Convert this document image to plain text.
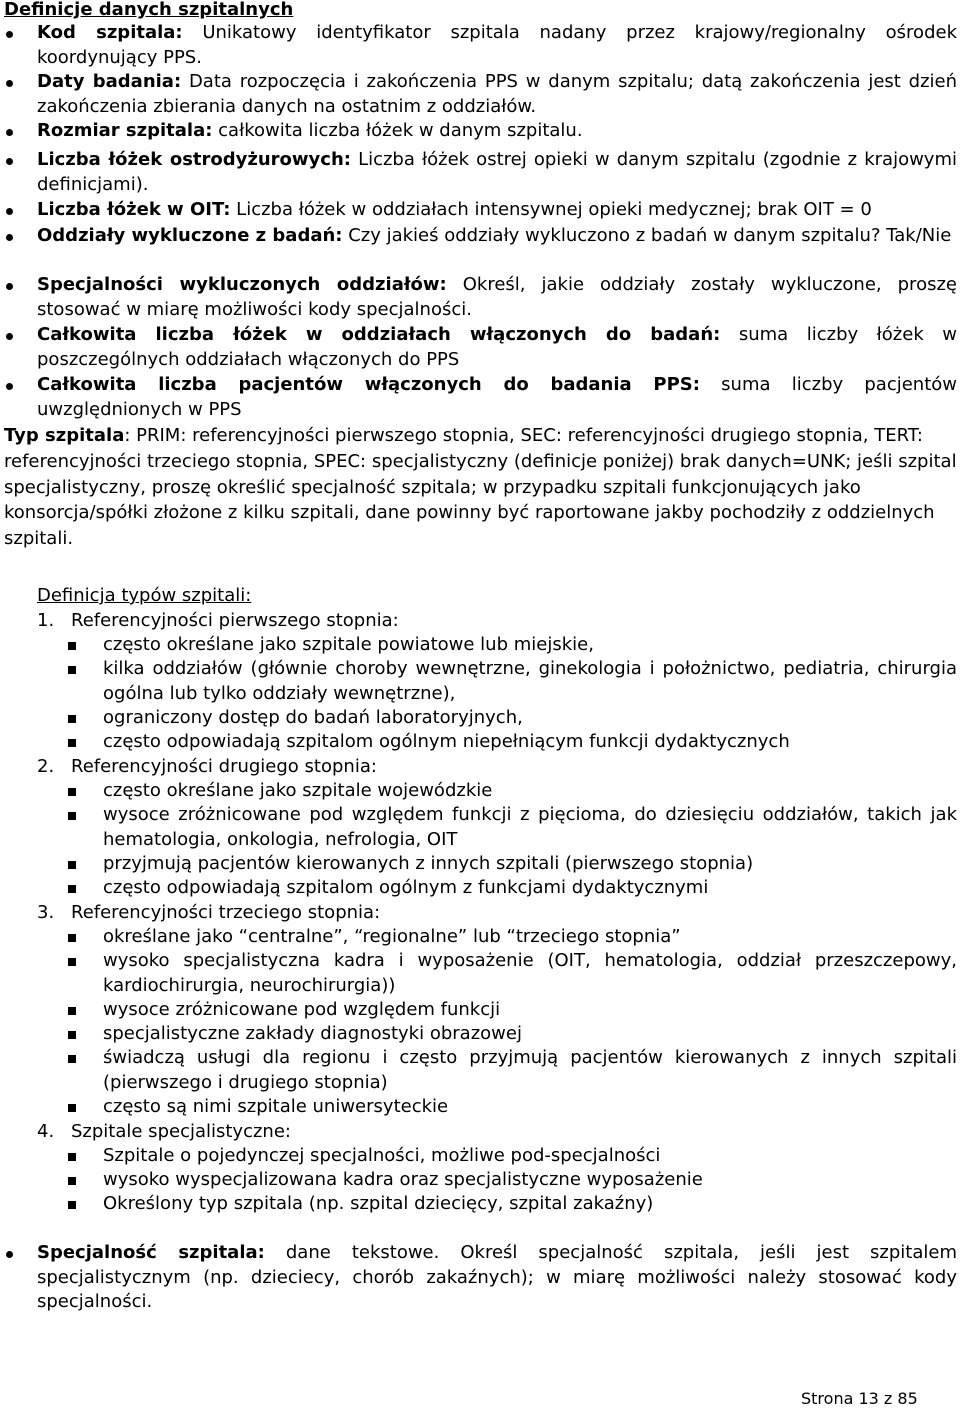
Definicje danych szpitalnych
Kod szpitala: Unikatowy identyfikator szpitala nadany przez krajowy/regionalny ośrodek koordynujący PPS.
Daty badania: Data rozpoczęcia i zakończenia PPS w danym szpitalu; datą zakończenia jest dzień zakończenia zbierania danych na ostatnim z oddziałów.
Rozmiar szpitala: całkowita liczba łóżek w danym szpitalu.
Liczba łóżek ostrodyżurowych: Liczba łóżek ostrej opieki w danym szpitalu (zgodnie z krajowymi definicjami).
Liczba łóżek w OIT: Liczba łóżek w oddziałach intensywnej opieki medycznej; brak OIT = 0
Oddziały wykluczone z badań: Czy jakieś oddziały wykluczono z badań w danym szpitalu? Tak/Nie
Specjalności wykluczonych oddziałów: Określ, jakie oddziały zostały wykluczone, proszę stosować w miarę możliwości kody specjalności.
Całkowita liczba łóżek w oddziałach włączonych do badań: suma liczby łóżek w poszczególnych oddziałach włączonych do PPS
Całkowita liczba pacjentów włączonych do badania PPS: suma liczby pacjentów uwzględnionych w PPS
Typ szpitala: PRIM: referencyjności pierwszego stopnia, SEC: referencyjności drugiego stopnia, TERT: referencyjności trzeciego stopnia, SPEC: specjalistyczny (definicje poniżej) brak danych=UNK; jeśli szpital specjalistyczny, proszę określić specjalność szpitala; w przypadku szpitali funkcjonujących jako konsorcja/spółki złożone z kilku szpitali, dane powinny być raportowane jakby pochodziły z oddzielnych szpitali.
Definicja typów szpitali:
1. Referencyjności pierwszego stopnia:
często określane jako szpitale powiatowe lub miejskie,
kilka oddziałów (głównie choroby wewnętrzne, ginekologia i położnictwo, pediatria, chirurgia ogólna lub tylko oddziały wewnętrzne),
ograniczony dostęp do badań laboratoryjnych,
często odpowiadają szpitalom ogólnym niepełniącym funkcji dydaktycznych
2. Referencyjności drugiego stopnia:
często określane jako szpitale wojewódzkie
wysoce zróżnicowane pod względem funkcji z pięcioma, do dziesięciu oddziałów, takich jak hematologia, onkologia, nefrologia, OIT
przyjmują pacjentów kierowanych z innych szpitali (pierwszego stopnia)
często odpowiadają szpitalom ogólnym z funkcjami dydaktycznymi
3. Referencyjności trzeciego stopnia:
określane jako “centralne”, “regionalne” lub “trzeciego stopnia”
wysoko specjalistyczna kadra i wyposażenie (OIT, hematologia, oddział przeszczepowy, kardiochirurgia, neurochirurgia))
wysoce zróżnicowane pod względem funkcji
specjalistyczne zakłady diagnostyki obrazowej
świadczą usługi dla regionu i często przyjmują pacjentów kierowanych z innych szpitali (pierwszego i drugiego stopnia)
często są nimi szpitale uniwersyteckie
4. Szpitale specjalistyczne:
Szpitale o pojedynczej specjalności, możliwe pod-specjalności
wysoko wyspecjalizowana kadra oraz specjalistyczne wyposażenie
Określony typ szpitala (np. szpital dziecięcy, szpital zakaźny)
Specjalność szpitala: dane tekstowe. Określ specjalność szpitala, jeśli jest szpitalem specjalistycznym (np. dzieciecy, chorób zakaźnych); w miarę możliwości należy stosować kody specjalności.
Strona 13 z 85
